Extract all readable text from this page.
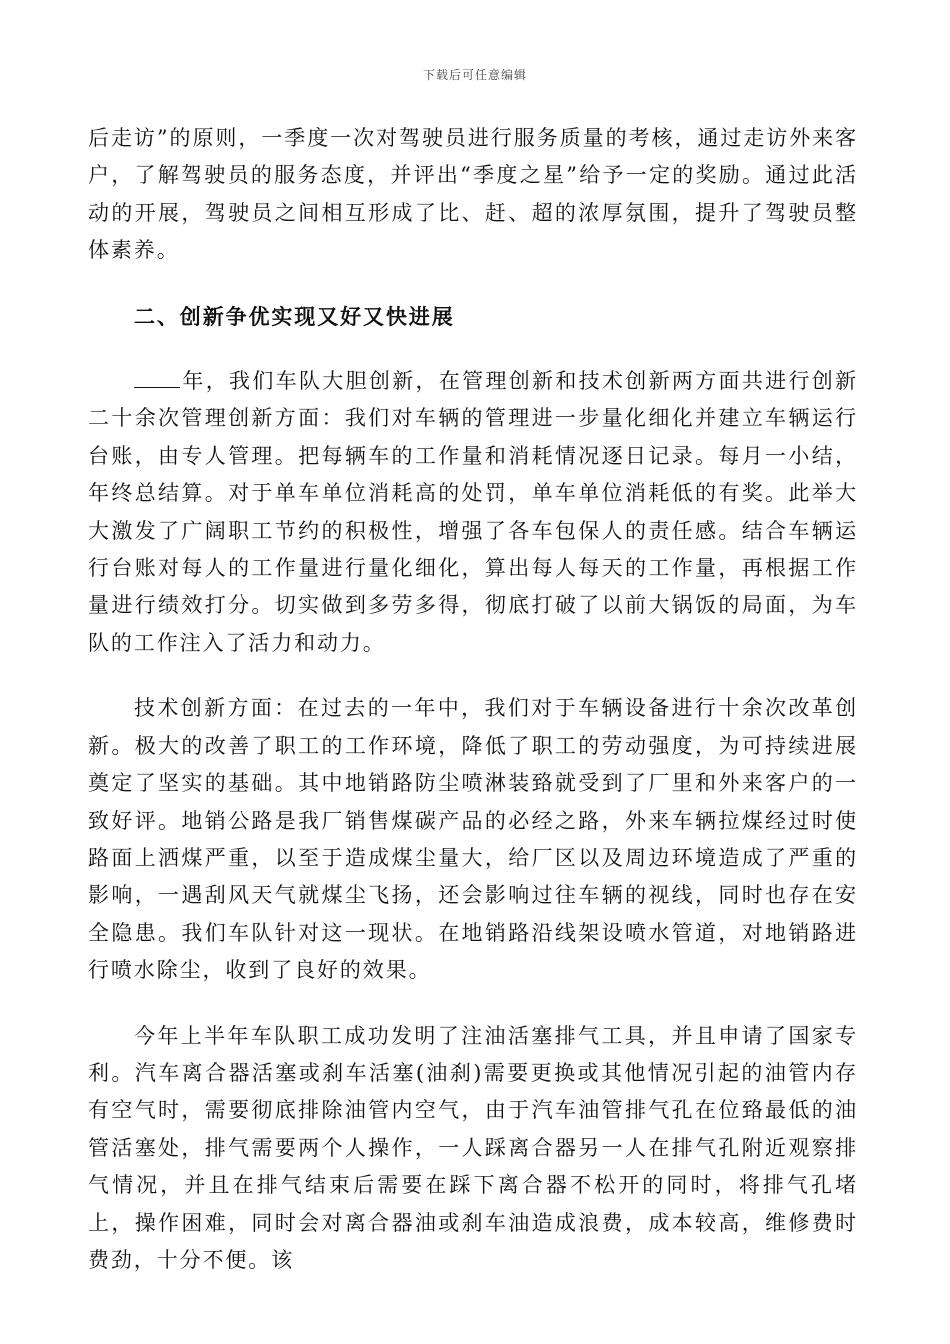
下载后可任意编辑

后走访”的原则，一季度一次对驾驶员进行服务质量的考核，通过走访外来客户，了解驾驶员的服务态度，并评出“季度之星”给予一定的奖励。通过此活动的开展，驾驶员之间相互形成了比、赶、超的浓厚氛围，提升了驾驶员整体素养。

二、创新争优实现又好又快进展

年，我们车队大胆创新，在管理创新和技术创新两方面共进行创新二十余次管理创新方面：我们对车辆的管理进一步量化细化并建立车辆运行台账，由专人管理。把每辆车的工作量和消耗情况逐日记录。每月一小结，年终总结算。对于单车单位消耗高的处罚，单车单位消耗低的有奖。此举大大激发了广阔职工节约的积极性，增强了各车包保人的责任感。结合车辆运行台账对每人的工作量进行量化细化，算出每人每天的工作量，再根据工作量进行绩效打分。切实做到多劳多得，彻底打破了以前大锅饭的局面，为车队的工作注入了活力和动力。

技术创新方面：在过去的一年中，我们对于车辆设备进行十余次改革创新。极大的改善了职工的工作环境，降低了职工的劳动强度，为可持续进展奠定了坚实的基础。其中地销路防尘喷淋装臵就受到了厂里和外来客户的一致好评。地销公路是我厂销售煤碳产品的必经之路，外来车辆拉煤经过时使路面上洒煤严重，以至于造成煤尘量大，给厂区以及周边环境造成了严重的影响，一遇刮风天气就煤尘飞扬，还会影响过往车辆的视线，同时也存在安全隐患。我们车队针对这一现状。在地销路沿线架设喷水管道，对地销路进行喷水除尘，收到了良好的效果。

今年上半年车队职工成功发明了注油活塞排气工具，并且申请了国家专利。汽车离合器活塞或刹车活塞(油刹)需要更换或其他情况引起的油管内存有空气时，需要彻底排除油管内空气，由于汽车油管排气孔在位臵最低的油管活塞处，排气需要两个人操作，一人踩离合器另一人在排气孔附近观察排气情况，并且在排气结束后需要在踩下离合器不松开的同时，将排气孔堵上，操作困难，同时会对离合器油或刹车油造成浪费，成本较高，维修费时费劲，十分不便。该
